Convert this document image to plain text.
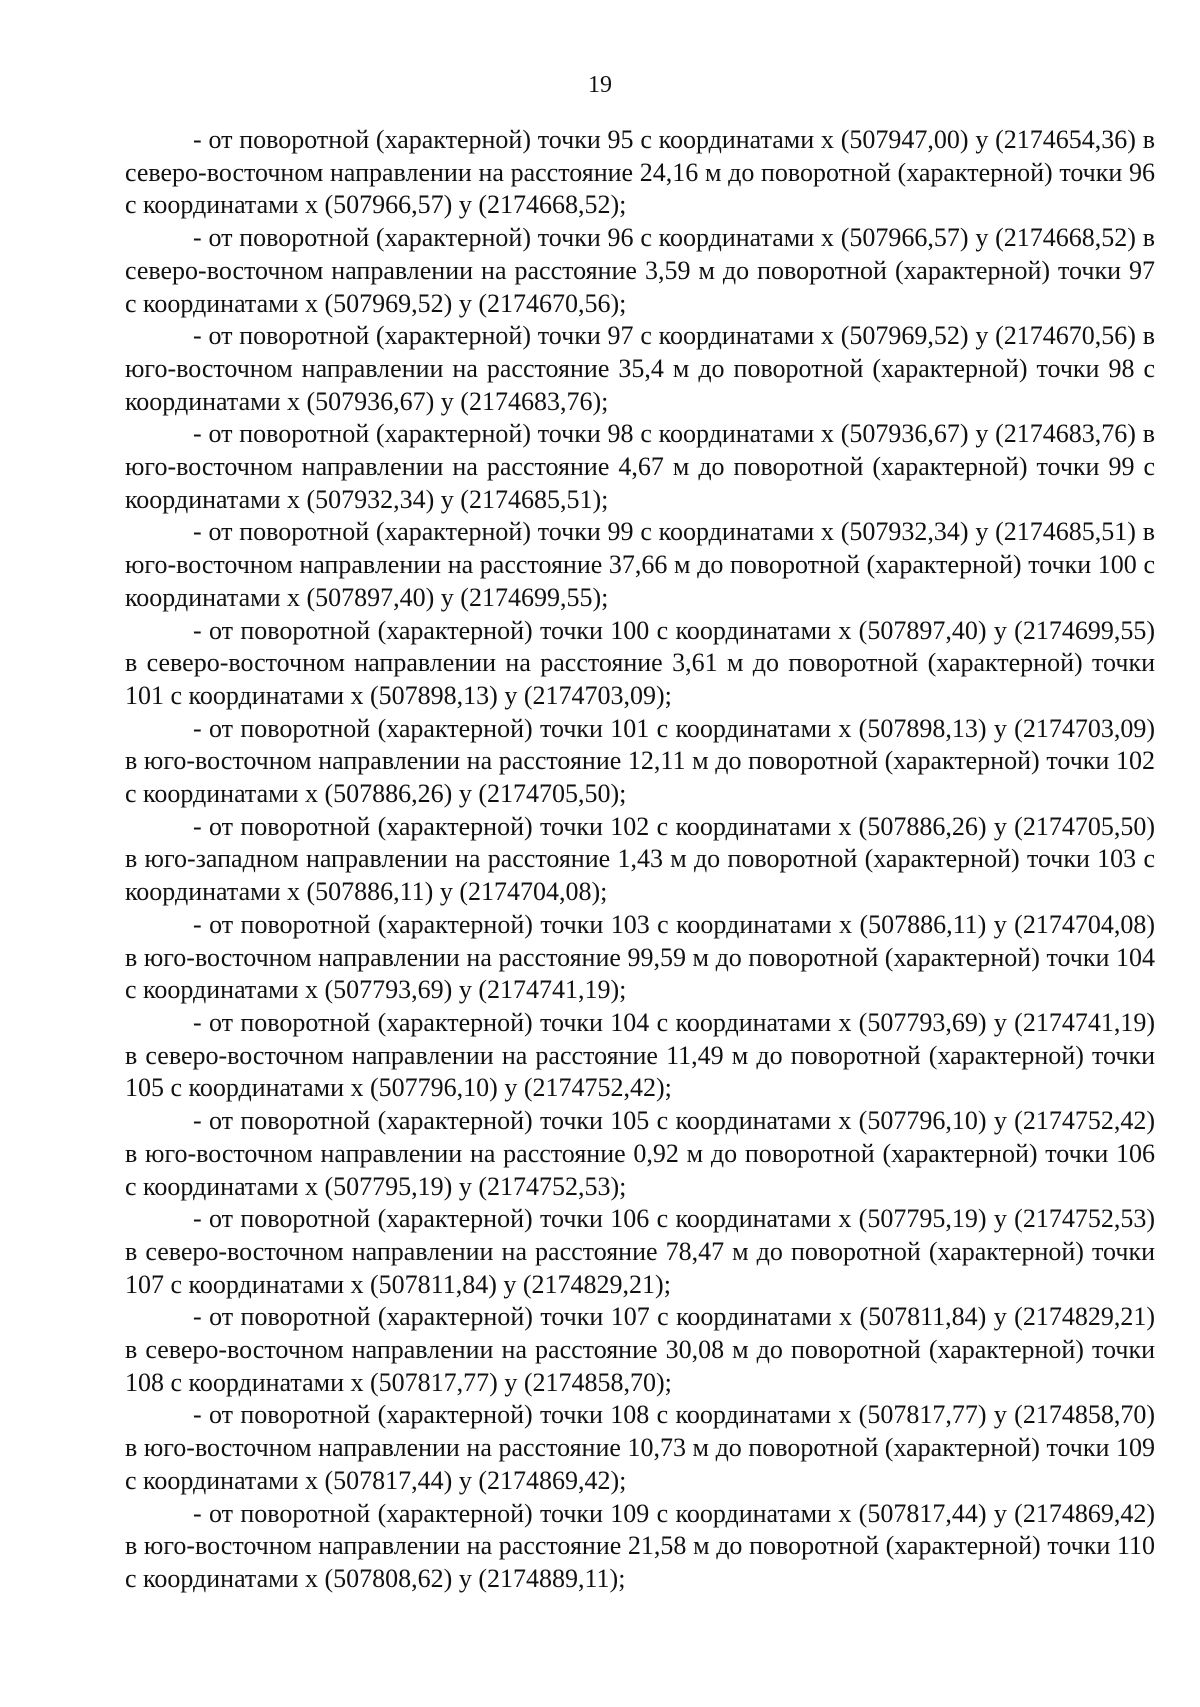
19

- от поворотной (характерной) точки 95 с координатами х (507947,00) у (2174654,36) в северо-восточном направлении на расстояние 24,16 м до поворотной (характерной) точки 96 с координатами х (507966,57) у (2174668,52);

- от поворотной (характерной) точки 96 с координатами х (507966,57) у (2174668,52) в северо-восточном направлении на расстояние 3,59 м до поворотной (характерной) точки 97 с координатами х (507969,52) у (2174670,56);

- от поворотной (характерной) точки 97 с координатами х (507969,52) у (2174670,56) в юго-восточном направлении на расстояние 35,4 м до поворотной (характерной) точки 98 с координатами х (507936,67) у (2174683,76);

- от поворотной (характерной) точки 98 с координатами х (507936,67) у (2174683,76) в юго-восточном направлении на расстояние 4,67 м до поворотной (характерной) точки 99 с координатами х (507932,34) у (2174685,51);

- от поворотной (характерной) точки 99 с координатами х (507932,34) у (2174685,51) в юго-восточном направлении на расстояние 37,66 м до поворотной (характерной) точки 100 с координатами х (507897,40) у (2174699,55);

- от поворотной (характерной) точки 100 с координатами х (507897,40) у (2174699,55) в северо-восточном направлении на расстояние 3,61 м до поворотной (характерной) точки 101 с координатами х (507898,13) у (2174703,09);

- от поворотной (характерной) точки 101 с координатами х (507898,13) у (2174703,09) в юго-восточном направлении на расстояние 12,11 м до поворотной (характерной) точки 102 с координатами х (507886,26) у (2174705,50);

- от поворотной (характерной) точки 102 с координатами х (507886,26) у (2174705,50) в юго-западном направлении на расстояние 1,43 м до поворотной (характерной) точки 103 с координатами х (507886,11) у (2174704,08);

- от поворотной (характерной) точки 103 с координатами х (507886,11) у (2174704,08) в юго-восточном направлении на расстояние 99,59 м до поворотной (характерной) точки 104 с координатами х (507793,69) у (2174741,19);

- от поворотной (характерной) точки 104 с координатами х (507793,69) у (2174741,19) в северо-восточном направлении на расстояние 11,49 м до поворотной (характерной) точки 105 с координатами х (507796,10) у (2174752,42);

- от поворотной (характерной) точки 105 с координатами х (507796,10) у (2174752,42) в юго-восточном направлении на расстояние 0,92 м до поворотной (характерной) точки 106 с координатами х (507795,19) у (2174752,53);

- от поворотной (характерной) точки 106 с координатами х (507795,19) у (2174752,53) в северо-восточном направлении на расстояние 78,47 м до поворотной (характерной) точки 107 с координатами х (507811,84) у (2174829,21);

- от поворотной (характерной) точки 107 с координатами х (507811,84) у (2174829,21) в северо-восточном направлении на расстояние 30,08 м до поворотной (характерной) точки 108 с координатами х (507817,77) у (2174858,70);

- от поворотной (характерной) точки 108 с координатами х (507817,77) у (2174858,70) в юго-восточном направлении на расстояние 10,73 м до поворотной (характерной) точки 109 с координатами х (507817,44) у (2174869,42);

- от поворотной (характерной) точки 109 с координатами х (507817,44) у (2174869,42) в юго-восточном направлении на расстояние 21,58 м до поворотной (характерной) точки 110 с координатами х (507808,62) у (2174889,11);
